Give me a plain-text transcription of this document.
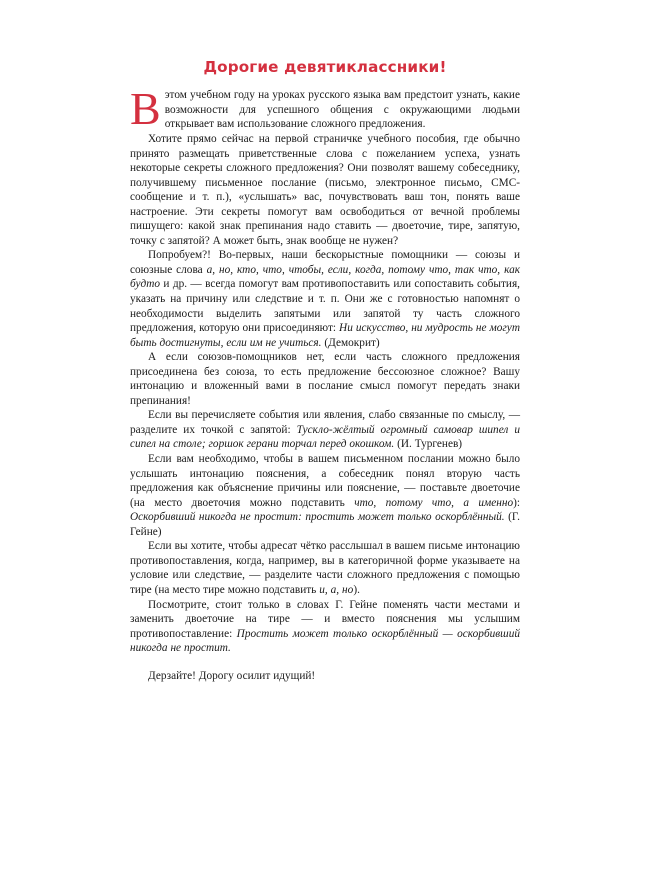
Дорогие девятиклассники!

Вэтом учебном году на уроках русского языка вам предстоит узнать, какие возможности для успешного общения с окружающими людьми открывает вам использование сложного предложения.

Хотите прямо сейчас на первой страничке учебного пособия, где обычно принято размещать приветственные слова с пожеланием успеха, узнать некоторые секреты сложного предложения? Они позволят вашему собеседнику, получившему письменное послание (письмо, электронное письмо, СМС-сообщение и т. п.), «услышать» вас, почувствовать ваш тон, понять ваше настроение. Эти секреты помогут вам освободиться от вечной проблемы пишущего: какой знак препинания надо ставить — двоеточие, тире, запятую, точку с запятой? А может быть, знак вообще не нужен?

Попробуем?! Во-первых, наши бескорыстные помощники — союзы и союзные слова а, но, кто, что, чтобы, если, когда, потому что, так что, как будто и др. — всегда помогут вам противопоставить или сопоставить события, указать на причину или следствие и т. п. Они же с готовностью напомнят о необходимости выделить запятыми или запятой ту часть сложного предложения, которую они присоединяют: Ни искусство, ни мудрость не могут быть достигнуты, если им не учиться. (Демокрит)

А если союзов-помощников нет, если часть сложного предложения присоединена без союза, то есть предложение бессоюзное сложное? Вашу интонацию и вложенный вами в послание смысл помогут передать знаки препинания!

Если вы перечисляете события или явления, слабо связанные по смыслу, — разделите их точкой с запятой: Тускло-жёлтый огромный самовар шипел и сипел на столе; горшок герани торчал перед окошком. (И. Тургенев)

Если вам необходимо, чтобы в вашем письменном послании можно было услышать интонацию пояснения, а собеседник понял вторую часть предложения как объяснение причины или пояснение, — поставьте двоеточие (на место двоеточия можно подставить что, потому что, а именно): Оскорбивший никогда не простит: простить может только оскорблённый. (Г. Гейне)

Если вы хотите, чтобы адресат чётко расслышал в вашем письме интонацию противопоставления, когда, например, вы в категоричной форме указываете на условие или следствие, — разделите части сложного предложения с помощью тире (на место тире можно подставить и, а, но).

Посмотрите, стоит только в словах Г. Гейне поменять части местами и заменить двоеточие на тире — и вместо пояснения мы услышим противопоставление: Простить может только оскорблённый — оскорбивший никогда не простит.

Дерзайте! Дорогу осилит идущий!
